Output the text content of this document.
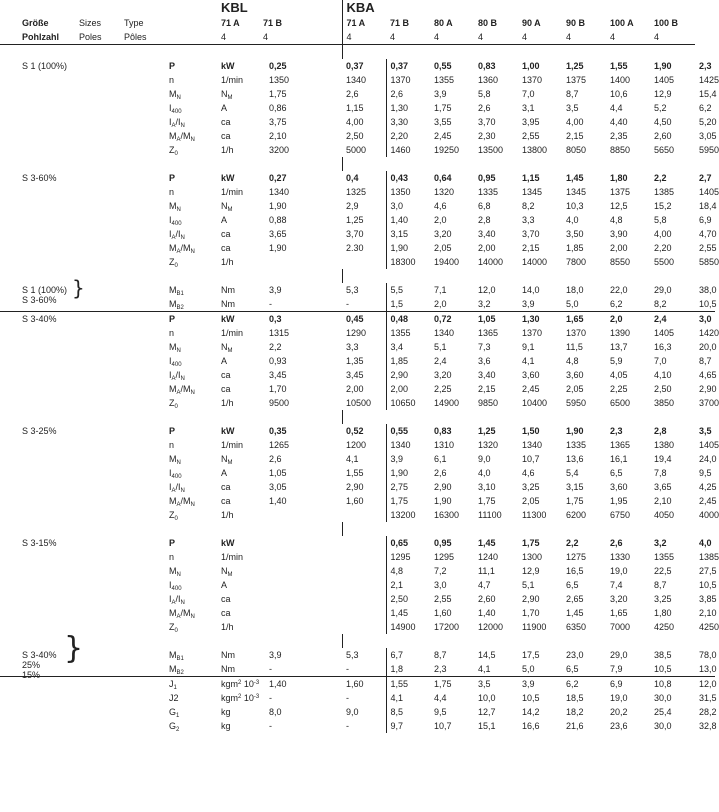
				KBL		KBA								
Größe	Sizes	Type		71 A	71 B	71 A	71 B	80 A	80 B	90 A	90 B	100 A	100 B	
Pohlzahl	Poles	Pôles		4	4	4	4	4	4	4	4	4	4	

S 1 (100%)			P	kW	0,25	0,37	0,37	0,55	0,83	1,00	1,25	1,55	1,90	2,3
			n	1/min	1350	1340	1370	1355	1360	1370	1375	1400	1405	1425
			$M_N$	$N_M$	1,75	2,6	2,6	3,9	5,8	7,0	8,7	10,6	12,9	15,4
			$I_{400}$	A	0,86	1,15	1,30	1,75	2,6	3,1	3,5	4,4	5,2	6,2
			$I_A/I_N$	ca	3,75	4,00	3,30	3,55	3,70	3,95	4,00	4,40	4,50	5,20
			$M_A/M_N$	ca	2,10	2,50	2,20	2,45	2,30	2,55	2,15	2,35	2,60	3,05
			$Z_0$	1/h	3200	5000	1460	19250	13500	13800	8050	8850	5650	5950

S 3-60%			P	kW	0,27	0,4	0,43	0,64	0,95	1,15	1,45	1,80	2,2	2,7
			n	1/min	1340	1325	1350	1320	1335	1345	1345	1375	1385	1405
			$M_N$	$N_M$	1,90	2,9	3,0	4,6	6,8	8,2	10,3	12,5	15,2	18,4
			$I_{400}$	A	0,88	1,25	1,40	2,0	2,8	3,3	4,0	4,8	5,8	6,9
			$I_A/I_N$	ca	3,65	3,70	3,15	3,20	3,40	3,70	3,50	3,90	4,00	4,70
			$M_A/M_N$	ca	1,90	2.30	1,90	2,05	2,00	2,15	1,85	2,00	2,20	2,55
			$Z_0$	1/h			18300	19400	14000	14000	7800	8550	5500	5850

S 1 (100%)
S 3-60% }			$M_{B1}$	Nm	3,9	5,3	5,5	7,1	12,0	14,0	18,0	22,0	29,0	38,0
			$M_{B2}$	Nm	-	-	1,5	2,0	3,2	3,9	5,0	6,2	8,2	10,5
S 3-40%			P	kW	0,3	0,45	0,48	0,72	1,05	1,30	1,65	2,0	2,4	3,0
			n	1/min	1315	1290	1355	1340	1365	1370	1370	1390	1405	1420
			$M_N$	$N_M$	2,2	3,3	3,4	5,1	7,3	9,1	11,5	13,7	16,3	20,0
			$I_{400}$	A	0,93	1,35	1,85	2,4	3,6	4,1	4,8	5,9	7,0	8,7
			$I_A/I_N$	ca	3,45	3,45	2,90	3,20	3,40	3,60	3,60	4,05	4,10	4,65
			$M_A/M_N$	ca	1,70	2,00	2,00	2,25	2,15	2,45	2,05	2,25	2,50	2,90
			$Z_0$	1/h	9500	10500	10650	14900	9850	10400	5950	6500	3850	3700

S 3-25%			P	kW	0,35	0,52	0,55	0,83	1,25	1,50	1,90	2,3	2,8	3,5
			n	1/min	1265	1200	1340	1310	1320	1340	1335	1365	1380	1405
			$M_N$	$N_M$	2,6	4,1	3,9	6,1	9,0	10,7	13,6	16,1	19,4	24,0
			$I_{400}$	A	1,05	1,55	1,90	2,6	4,0	4,6	5,4	6,5	7,8	9,5
			$I_A/I_N$	ca	3,05	2,90	2,75	2,90	3,10	3,25	3,15	3,60	3,65	4,25
			$M_A/M_N$	ca	1,40	1,60	1,75	1,90	1,75	2,05	1,75	1,95	2,10	2,45
			$Z_0$	1/h			13200	16300	11100	11300	6200	6750	4050	4000

S 3-15%			P	kW			0,65	0,95	1,45	1,75	2,2	2,6	3,2	4,0
			n	1/min			1295	1295	1240	1300	1275	1330	1355	1385
			$M_N$	$N_M$			4,8	7,2	11,1	12,9	16,5	19,0	22,5	27,5
			$I_{400}$	A			2,1	3,0	4,7	5,1	6,5	7,4	8,7	10,5
			$I_A/I_N$	ca			2,50	2,55	2,60	2,90	2,65	3,20	3,25	3,85
			$M_A/M_N$	ca			1,45	1,60	1,40	1,70	1,45	1,65	1,80	2,10
			$Z_0$	1/h			14900	17200	12000	11900	6350	7000	4250	4250

S 3-40%
25%
15%
}			$M_{B1}$	Nm	3,9	5,3	6,7	8,7	14,5	17,5	23,0	29,0	38,5	78,0
			$M_{B2}$	Nm	-	-	1,8	2,3	4,1	5,0	6,5	7,9	10,5	13,0
			$J_1$	kgm$^2$ $10^{-3}$	1,40	1,60	1,55	1,75	3,5	3,9	6,2	6,9	10,8	12,0
			J2	kgm$^2$ $10^{-3}$	-	-	4,1	4,4	10,0	10,5	18,5	19,0	30,0	31,5
			$G_1$	kg	8,0	9,0	8,5	9,5	12,7	14,2	18,2	20,2	25,4	28,2
			$G_2$	kg	-	-	9,7	10,7	15,1	16,6	21,6	23,6	30,0	32,8
